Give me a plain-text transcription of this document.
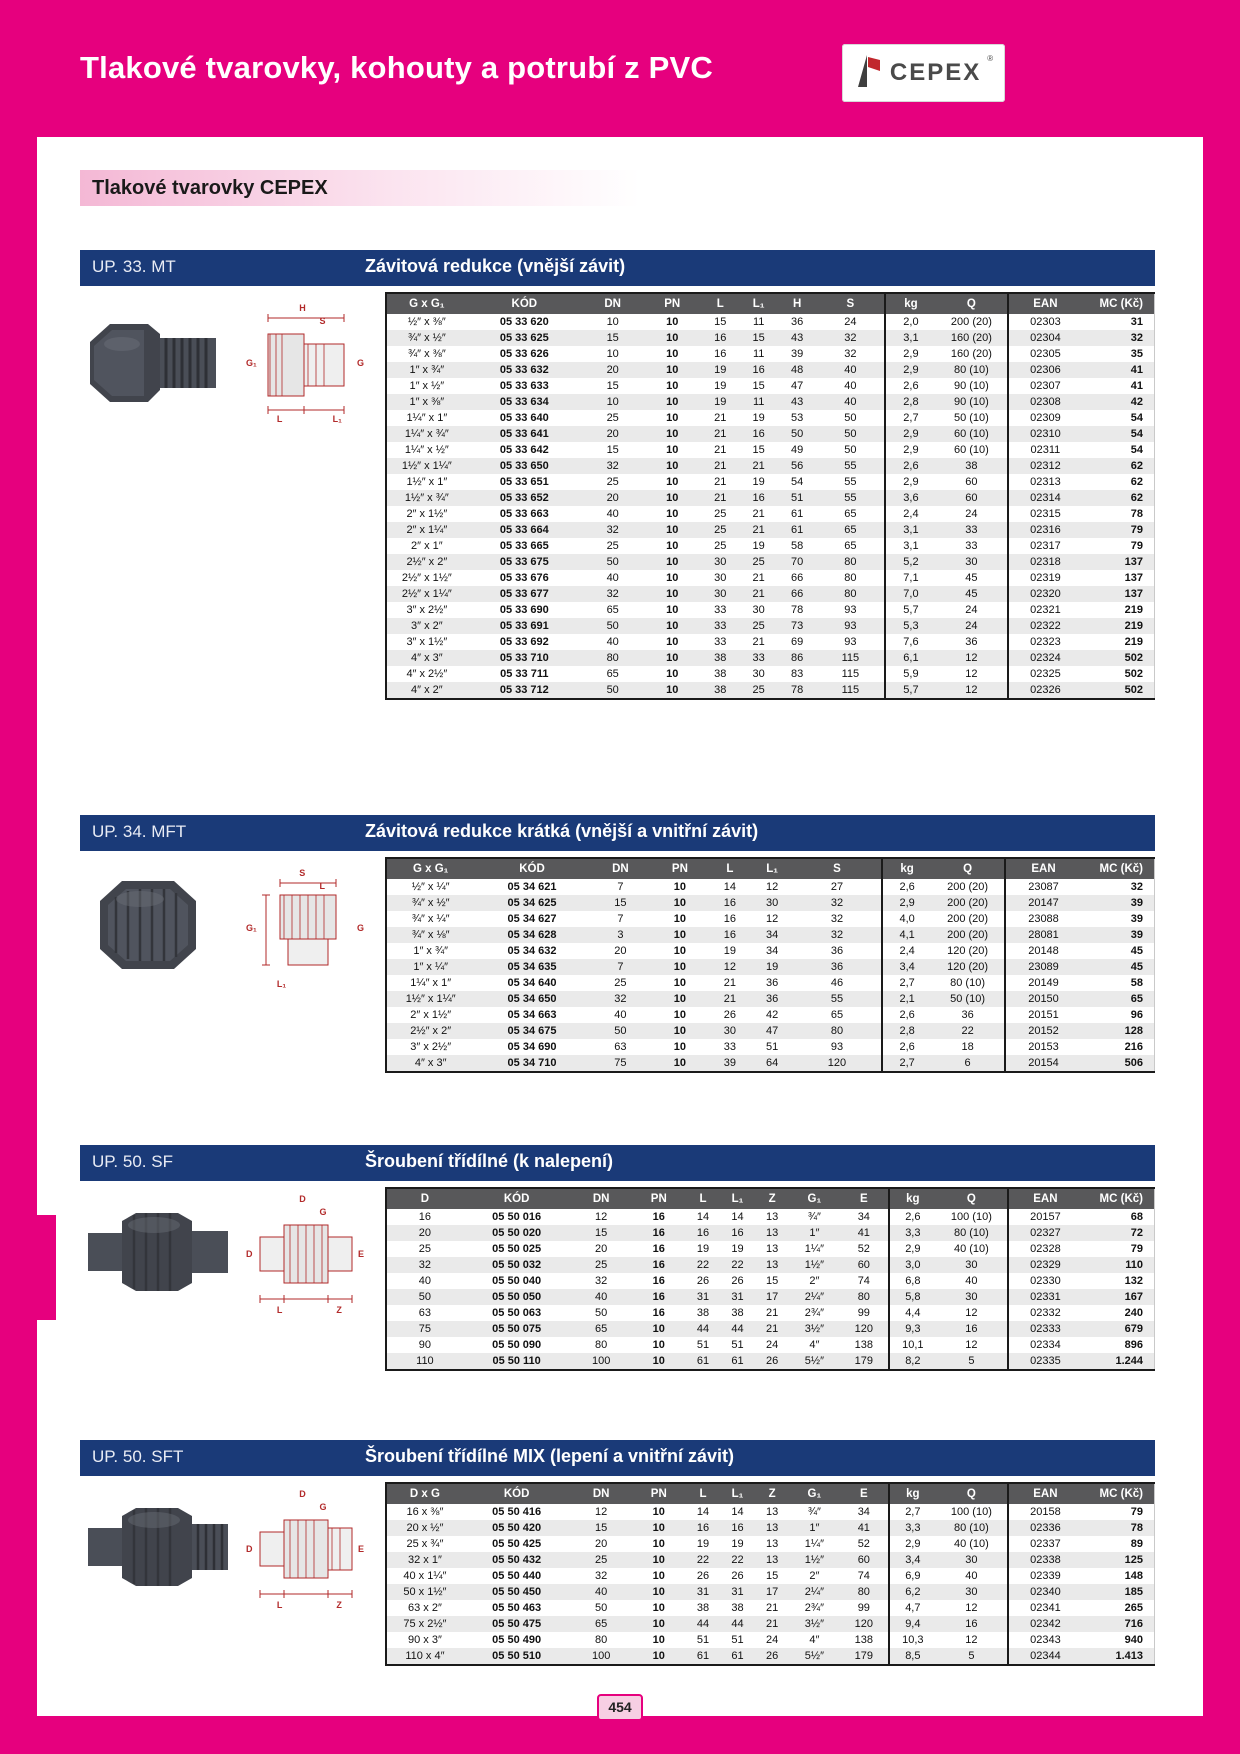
Tlakové tvarovky, kohouty a potrubí z PVC	CEPEX
®
Tlakové tvarovky CEPEX
UP. 33. MT	Závitová redukce (vnější závit)
H
S
G
G₁
L	L₁
G x G₁	KÓD	DN	PN	L	L₁	H	S	kg	Q	EAN	MC (Kč)
½″ x ⅜″	05 33 620	10	10	15	11	36	24	2,0	200 (20)	02303	31
¾″ x ½″	05 33 625	15	10	16	15	43	32	3,1	160 (20)	02304	32
¾″ x ⅜″	05 33 626	10	10	16	11	39	32	2,9	160 (20)	02305	35
1″ x ¾″	05 33 632	20	10	19	16	48	40	2,9	80 (10)	02306	41
1″ x ½″	05 33 633	15	10	19	15	47	40	2,6	90 (10)	02307	41
1″ x ⅜″	05 33 634	10	10	19	11	43	40	2,8	90 (10)	02308	42
1¼″ x 1″	05 33 640	25	10	21	19	53	50	2,7	50 (10)	02309	54
1¼″ x ¾″	05 33 641	20	10	21	16	50	50	2,9	60 (10)	02310	54
1¼″ x ½″	05 33 642	15	10	21	15	49	50	2,9	60 (10)	02311	54
1½″ x 1¼″	05 33 650	32	10	21	21	56	55	2,6	38	02312	62
1½″ x 1″	05 33 651	25	10	21	19	54	55	2,9	60	02313	62
1½″ x ¾″	05 33 652	20	10	21	16	51	55	3,6	60	02314	62
2″ x 1½″	05 33 663	40	10	25	21	61	65	2,4	24	02315	78
2″ x 1¼″	05 33 664	32	10	25	21	61	65	3,1	33	02316	79
2″ x 1″	05 33 665	25	10	25	19	58	65	3,1	33	02317	79
2½″ x 2″	05 33 675	50	10	30	25	70	80	5,2	30	02318	137
2½″ x 1½″	05 33 676	40	10	30	21	66	80	7,1	45	02319	137
2½″ x 1¼″	05 33 677	32	10	30	21	66	80	7,0	45	02320	137
3″ x 2½″	05 33 690	65	10	33	30	78	93	5,7	24	02321	219
3″ x 2″	05 33 691	50	10	33	25	73	93	5,3	24	02322	219
3″ x 1½″	05 33 692	40	10	33	21	69	93	7,6	36	02323	219
4″ x 3″	05 33 710	80	10	38	33	86	115	6,1	12	02324	502
4″ x 2½″	05 33 711	65	10	38	30	83	115	5,9	12	02325	502
4″ x 2″	05 33 712	50	10	38	25	78	115	5,7	12	02326	502
UP. 34. MFT	Závitová redukce krátká (vnější a vnitřní závit)
S
L
G
G₁
L₁
G x G₁	KÓD	DN	PN	L	L₁	S	kg	Q	EAN	MC (Kč)
½″ x ¼″	05 34 621	7	10	14	12	27	2,6	200 (20)	23087	32
¾″ x ½″	05 34 625	15	10	16	30	32	2,9	200 (20)	20147	39
¾″ x ¼″	05 34 627	7	10	16	12	32	4,0	200 (20)	23088	39
¾″ x ⅛″	05 34 628	3	10	16	34	32	4,1	200 (20)	28081	39
1″ x ¾″	05 34 632	20	10	19	34	36	2,4	120 (20)	20148	45
1″ x ¼″	05 34 635	7	10	12	19	36	3,4	120 (20)	23089	45
1¼″ x 1″	05 34 640	25	10	21	36	46	2,7	80 (10)	20149	58
1½″ x 1¼″	05 34 650	32	10	21	36	55	2,1	50 (10)	20150	65
2″ x 1½″	05 34 663	40	10	26	42	65	2,6	36	20151	96
2½″ x 2″	05 34 675	50	10	30	47	80	2,8	22	20152	128
3″ x 2½″	05 34 690	63	10	33	51	93	2,6	18	20153	216
4″ x 3″	05 34 710	75	10	39	64	120	2,7	6	20154	506
UP. 50. SF	Šroubení třídílné (k nalepení)
D
G
E
D
L	Z
D	KÓD	DN	PN	L	L₁	Z	G₁	E	kg	Q	EAN	MC (Kč)
16	05 50 016	12	16	14	14	13	¾″	34	2,6	100 (10)	20157	68
20	05 50 020	15	16	16	16	13	1″	41	3,3	80 (10)	02327	72
25	05 50 025	20	16	19	19	13	1¼″	52	2,9	40 (10)	02328	79
32	05 50 032	25	16	22	22	13	1½″	60	3,0	30	02329	110
40	05 50 040	32	16	26	26	15	2″	74	6,8	40	02330	132
50	05 50 050	40	16	31	31	17	2¼″	80	5,8	30	02331	167
63	05 50 063	50	16	38	38	21	2¾″	99	4,4	12	02332	240
75	05 50 075	65	10	44	44	21	3½″	120	9,3	16	02333	679
90	05 50 090	80	10	51	51	24	4″	138	10,1	12	02334	896
110	05 50 110	100	10	61	61	26	5½″	179	8,2	5	02335	1.244
UP. 50. SFT	Šroubení třídílné MIX (lepení a vnitřní závit)
D
G
E
D
L	Z
D x G	KÓD	DN	PN	L	L₁	Z	G₁	E	kg	Q	EAN	MC (Kč)
16 x ⅜″	05 50 416	12	10	14	14	13	¾″	34	2,7	100 (10)	20158	79
20 x ½″	05 50 420	15	10	16	16	13	1″	41	3,3	80 (10)	02336	78
25 x ¾″	05 50 425	20	10	19	19	13	1¼″	52	2,9	40 (10)	02337	89
32 x 1″	05 50 432	25	10	22	22	13	1½″	60	3,4	30	02338	125
40 x 1¼″	05 50 440	32	10	26	26	15	2″	74	6,9	40	02339	148
50 x 1½″	05 50 450	40	10	31	31	17	2¼″	80	6,2	30	02340	185
63 x 2″	05 50 463	50	10	38	38	21	2¾″	99	4,7	12	02341	265
75 x 2½″	05 50 475	65	10	44	44	21	3½″	120	9,4	16	02342	716
90 x 3″	05 50 490	80	10	51	51	24	4″	138	10,3	12	02343	940
110 x 4″	05 50 510	100	10	61	61	26	5½″	179	8,5	5	02344	1.413
454
